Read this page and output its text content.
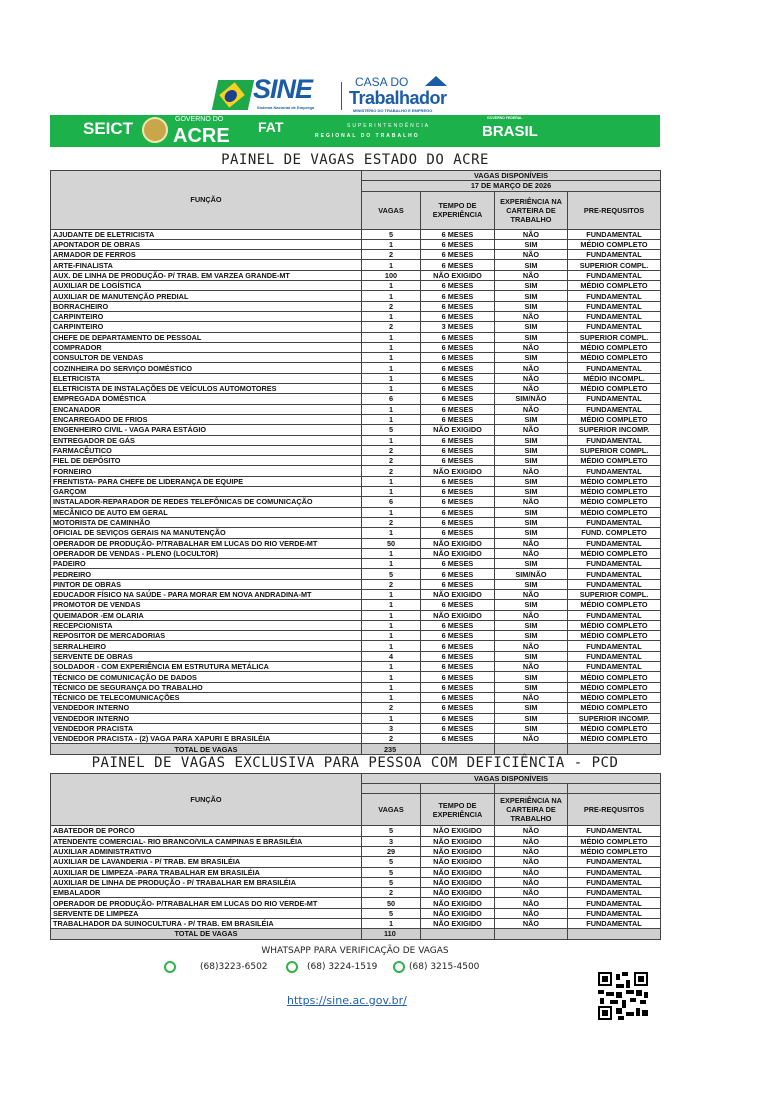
SINE
Sistema Nacional de Emprego
CASA DO
Trabalhador
MINISTÉRIO DO TRABALHO E EMPREGO
SEICT	GOVERNO DO
ACRE FAT	SUPERINTENDÊNCIA
REGIONAL DO TRABALHO
GOVERNO FEDERAL
BRASIL
PAINEL DE VAGAS ESTADO DO ACRE
FUNÇÃO	VAGAS DISPONÍVEIS			
	17 DE MARÇO DE 2026			
	VAGAS	TEMPO DE EXPERIÊNCIA	EXPERIÊNCIA NA CARTEIRA DE TRABALHO	PRE-REQUSITOS
AJUDANTE DE ELETRICISTA	5	6 MESES	NÃO	FUNDAMENTAL
APONTADOR DE OBRAS	1	6 MESES	SIM	MÉDIO COMPLETO
ARMADOR DE FERROS	2	6 MESES	NÃO	FUNDAMENTAL
ARTE-FINALISTA	1	6 MESES	SIM	SUPERIOR COMPL.
AUX. DE LINHA DE PRODUÇÃO- P/ TRAB. EM VARZEA GRANDE-MT	100	NÃO EXIGIDO	NÃO	FUNDAMENTAL
AUXILIAR DE LOGÍSTICA	1	6 MESES	SIM	MÉDIO COMPLETO
AUXILIAR DE MANUTENÇÃO PREDIAL	1	6 MESES	SIM	FUNDAMENTAL
BORRACHEIRO	2	6 MESES	SIM	FUNDAMENTAL
CARPINTEIRO	1	6 MESES	NÃO	FUNDAMENTAL
CARPINTEIRO	2	3 MESES	SIM	FUNDAMENTAL
CHEFE DE DEPARTAMENTO DE PESSOAL	1	6 MESES	SIM	SUPERIOR COMPL.
COMPRADOR	1	6 MESES	NÃO	MÉDIO COMPLETO
CONSULTOR DE VENDAS	1	6 MESES	SIM	MÉDIO COMPLETO
COZINHEIRA DO SERVIÇO DOMÉSTICO	1	6 MESES	NÃO	FUNDAMENTAL
ELETRICISTA	1	6 MESES	NÃO	MÉDIO INCOMPL.
ELETRICISTA DE INSTALAÇÕES DE VEÍCULOS AUTOMOTORES	1	6 MESES	NÃO	MÉDIO COMPLETO
EMPREGADA DOMÉSTICA	6	6 MESES	SIM/NÃO	FUNDAMENTAL
ENCANADOR	1	6 MESES	NÃO	FUNDAMENTAL
ENCARREGADO DE FRIOS	1	6 MESES	SIM	MÉDIO COMPLETO
ENGENHEIRO CIVIL - VAGA PARA ESTÁGIO	5	NÃO EXIGIDO	NÃO	SUPERIOR INCOMP.
ENTREGADOR DE GÁS	1	6 MESES	SIM	FUNDAMENTAL
FARMACÊUTICO	2	6 MESES	SIM	SUPERIOR COMPL.
FIEL DE DEPÓSITO	2	6 MESES	SIM	MÉDIO COMPLETO
FORNEIRO	2	NÃO EXIGIDO	NÃO	FUNDAMENTAL
FRENTISTA- PARA CHEFE DE LIDERANÇA DE EQUIPE	1	6 MESES	SIM	MÉDIO COMPLETO
GARÇOM	1	6 MESES	SIM	MÉDIO COMPLETO
INSTALADOR-REPARADOR DE REDES TELEFÔNICAS DE COMUNICAÇÃO	6	6 MESES	NÃO	MÉDIO COMPLETO
MECÂNICO DE AUTO EM GERAL	1	6 MESES	SIM	MÉDIO COMPLETO
MOTORISTA DE CAMINHÃO	2	6 MESES	SIM	FUNDAMENTAL
OFICIAL DE SEVIÇOS GERAIS NA MANUTENÇÃO	1	6 MESES	SIM	FUND. COMPLETO
OPERADOR DE PRODUÇÃO- P/TRABALHAR EM LUCAS DO RIO VERDE-MT	50	NÃO EXIGIDO	NÃO	FUNDAMENTAL
OPERADOR DE VENDAS - PLENO (LOCULTOR)	1	NÃO EXIGIDO	NÃO	MÉDIO COMPLETO
PADEIRO	1	6 MESES	SIM	FUNDAMENTAL
PEDREIRO	5	6 MESES	SIM/NÃO	FUNDAMENTAL
PINTOR DE OBRAS	2	6 MESES	SIM	FUNDAMENTAL
EDUCADOR FÍSICO NA SAÚDE - PARA MORAR EM NOVA ANDRADINA-MT	1	NÃO EXIGIDO	NÃO	SUPERIOR COMPL.
PROMOTOR DE VENDAS	1	6 MESES	SIM	MÉDIO COMPLETO
QUEIMADOR -EM OLARIA	1	NÃO EXIGIDO	NÃO	FUNDAMENTAL
RECEPCIONISTA	1	6 MESES	SIM	MÉDIO COMPLETO
REPOSITOR DE MERCADORIAS	1	6 MESES	SIM	MÉDIO COMPLETO
SERRALHEIRO	1	6 MESES	NÃO	FUNDAMENTAL
SERVENTE DE OBRAS	4	6 MESES	SIM	FUNDAMENTAL
SOLDADOR - COM EXPERIÊNCIA EM ESTRUTURA METÁLICA	1	6 MESES	NÃO	FUNDAMENTAL
TÉCNICO DE COMUNICAÇÃO DE DADOS	1	6 MESES	SIM	MÉDIO COMPLETO
TÉCNICO DE SEGURANÇA DO TRABALHO	1	6 MESES	SIM	MÉDIO COMPLETO
TÉCNICO DE TELECOMUNICAÇÕES	1	6 MESES	NÃO	MÉDIO COMPLETO
VENDEDOR INTERNO	2	6 MESES	SIM	MÉDIO COMPLETO
VENDEDOR INTERNO	1	6 MESES	SIM	SUPERIOR INCOMP.
VENDEDOR PRACISTA	3	6 MESES	SIM	MÉDIO COMPLETO
VENDEDOR PRACISTA - (2) VAGA PARA XAPURI E BRASILÉIA	2	6 MESES	NÃO	MÉDIO COMPLETO
TOTAL DE VAGAS	235			
PAINEL DE VAGAS EXCLUSIVA PARA PESSOA COM DEFICIÊNCIA - PCD
FUNÇÃO	VAGAS DISPONÍVEIS			

	VAGAS	TEMPO DE EXPERIÊNCIA	EXPERIÊNCIA NA CARTEIRA DE TRABALHO	PRE-REQUSITOS
ABATEDOR DE PORCO	5	NÃO EXIGIDO	NÃO	FUNDAMENTAL
ATENDENTE COMERCIAL- RIO BRANCO/VILA CAMPINAS E BRASILÉIA	3	NÃO EXIGIDO	NÃO	MÉDIO COMPLETO
AUXILIAR ADMINISTRATIVO	29	NÃO EXIGIDO	NÃO	MÉDIO COMPLETO
AUXILIAR DE LAVANDERIA - P/ TRAB. EM BRASILÉIA	5	NÃO EXIGIDO	NÃO	FUNDAMENTAL
AUXILIAR DE LIMPEZA -PARA TRABALHAR EM BRASILÉIA	5	NÃO EXIGIDO	NÃO	FUNDAMENTAL
AUXILIAR DE LINHA DE PRODUÇÃO - P/ TRABALHAR EM BRASILÉIA	5	NÃO EXIGIDO	NÃO	FUNDAMENTAL
EMBALADOR	2	NÃO EXIGIDO	NÃO	FUNDAMENTAL
OPERADOR DE PRODUÇÃO- P/TRABALHAR EM LUCAS DO RIO VERDE-MT	50	NÃO EXIGIDO	NÃO	FUNDAMENTAL
SERVENTE DE LIMPEZA	5	NÃO EXIGIDO	NÃO	FUNDAMENTAL
TRABALHADOR DA SUINOCULTURA - P/ TRAB. EM BRASILÉIA	1	NÃO EXIGIDO	NÃO	FUNDAMENTAL
TOTAL DE VAGAS	110			
WHATSAPP PARA VERIFICAÇÃO DE VAGAS
(68)3223-6502	(68) 3224-1519	(68) 3215-4500
https://sine.ac.gov.br/
